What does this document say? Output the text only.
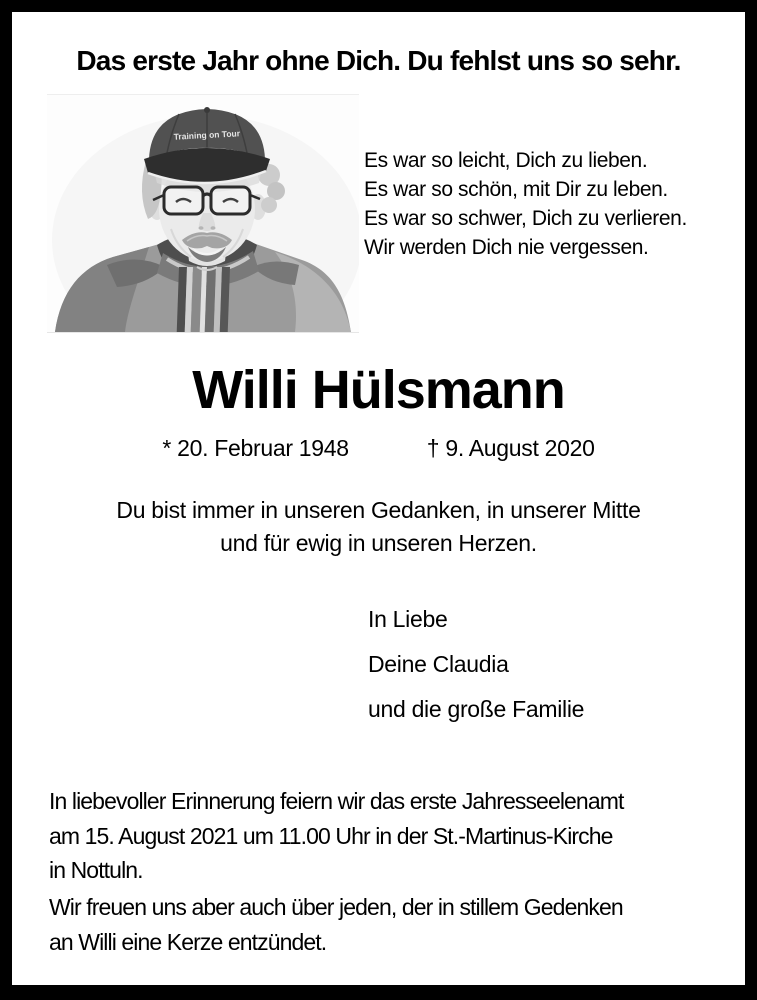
Das erste Jahr ohne Dich. Du fehlst uns so sehr.
Training on Tour
Es war so leicht, Dich zu lieben.
Es war so schön, mit Dir zu leben.
Es war so schwer, Dich zu verlieren.
Wir werden Dich nie vergessen.
Willi Hülsmann
* 20. Februar 1948	† 9. August 2020
Du bist immer in unseren Gedanken, in unserer Mitte
und für ewig in unseren Herzen.
In Liebe
Deine Claudia
und die große Familie
In liebevoller Erinnerung feiern wir das erste Jahresseelenamt
am 15. August 2021 um 11.00 Uhr in der St.-Martinus-Kirche
in Nottuln.
Wir freuen uns aber auch über jeden, der in stillem Gedenken
an Willi eine Kerze entzündet.
